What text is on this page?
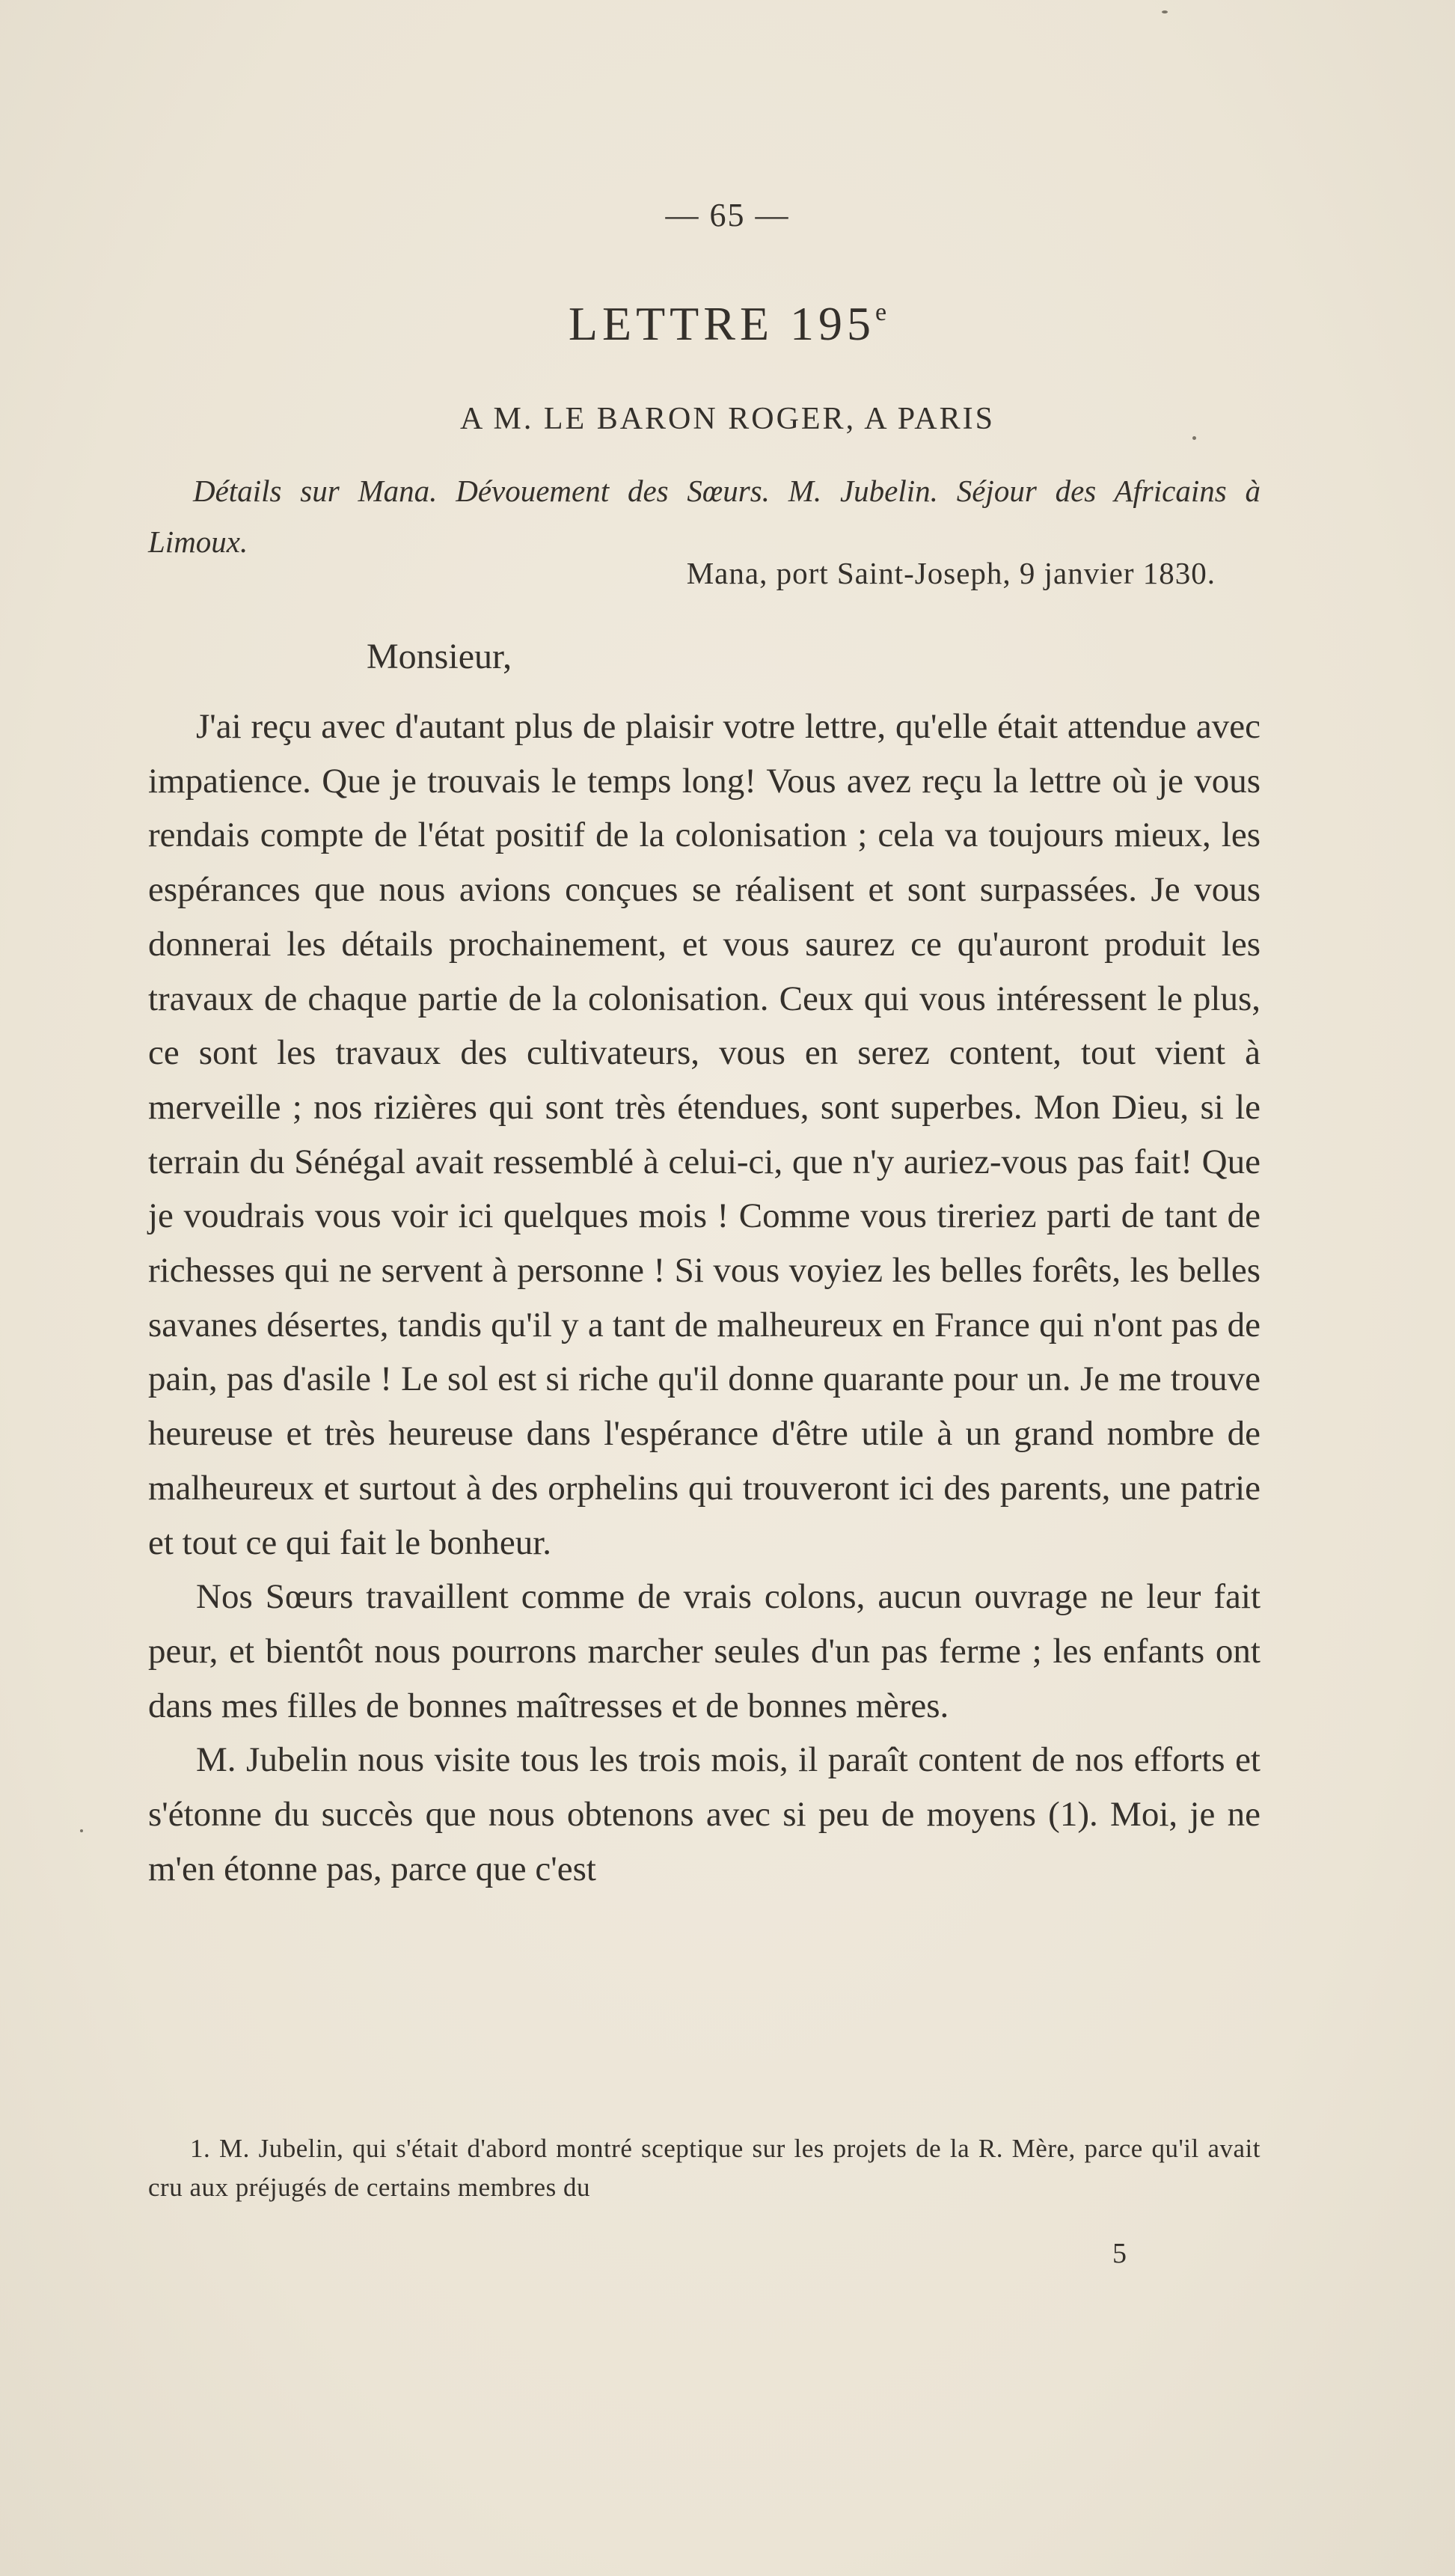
— 65 —
LETTRE 195e
A M. LE BARON ROGER, A PARIS
Détails sur Mana. Dévouement des Sœurs. M. Jubelin. Séjour des Africains à Limoux.
Mana, port Saint-Joseph, 9 janvier 1830.
Monsieur,

J'ai reçu avec d'autant plus de plaisir votre lettre, qu'elle était attendue avec impatience. Que je trouvais le temps long! Vous avez reçu la lettre où je vous rendais compte de l'état positif de la colonisation ; cela va toujours mieux, les espérances que nous avions conçues se réalisent et sont surpassées. Je vous donnerai les détails prochainement, et vous saurez ce qu'auront produit les travaux de chaque partie de la colonisation. Ceux qui vous intéressent le plus, ce sont les travaux des cultivateurs, vous en serez content, tout vient à merveille ; nos rizières qui sont très étendues, sont superbes. Mon Dieu, si le terrain du Sénégal avait ressemblé à celui-ci, que n'y auriez-vous pas fait! Que je voudrais vous voir ici quelques mois ! Comme vous tireriez parti de tant de richesses qui ne servent à personne ! Si vous voyiez les belles forêts, les belles savanes désertes, tandis qu'il y a tant de malheureux en France qui n'ont pas de pain, pas d'asile ! Le sol est si riche qu'il donne quarante pour un. Je me trouve heureuse et très heureuse dans l'espérance d'être utile à un grand nombre de malheureux et surtout à des orphelins qui trouveront ici des parents, une patrie et tout ce qui fait le bonheur.

Nos Sœurs travaillent comme de vrais colons, aucun ouvrage ne leur fait peur, et bientôt nous pourrons marcher seules d'un pas ferme ; les enfants ont dans mes filles de bonnes maîtresses et de bonnes mères.

M. Jubelin nous visite tous les trois mois, il paraît content de nos efforts et s'étonne du succès que nous obtenons avec si peu de moyens (1). Moi, je ne m'en étonne pas, parce que c'est

1. M. Jubelin, qui s'était d'abord montré sceptique sur les projets de la R. Mère, parce qu'il avait cru aux préjugés de certains membres du
5
